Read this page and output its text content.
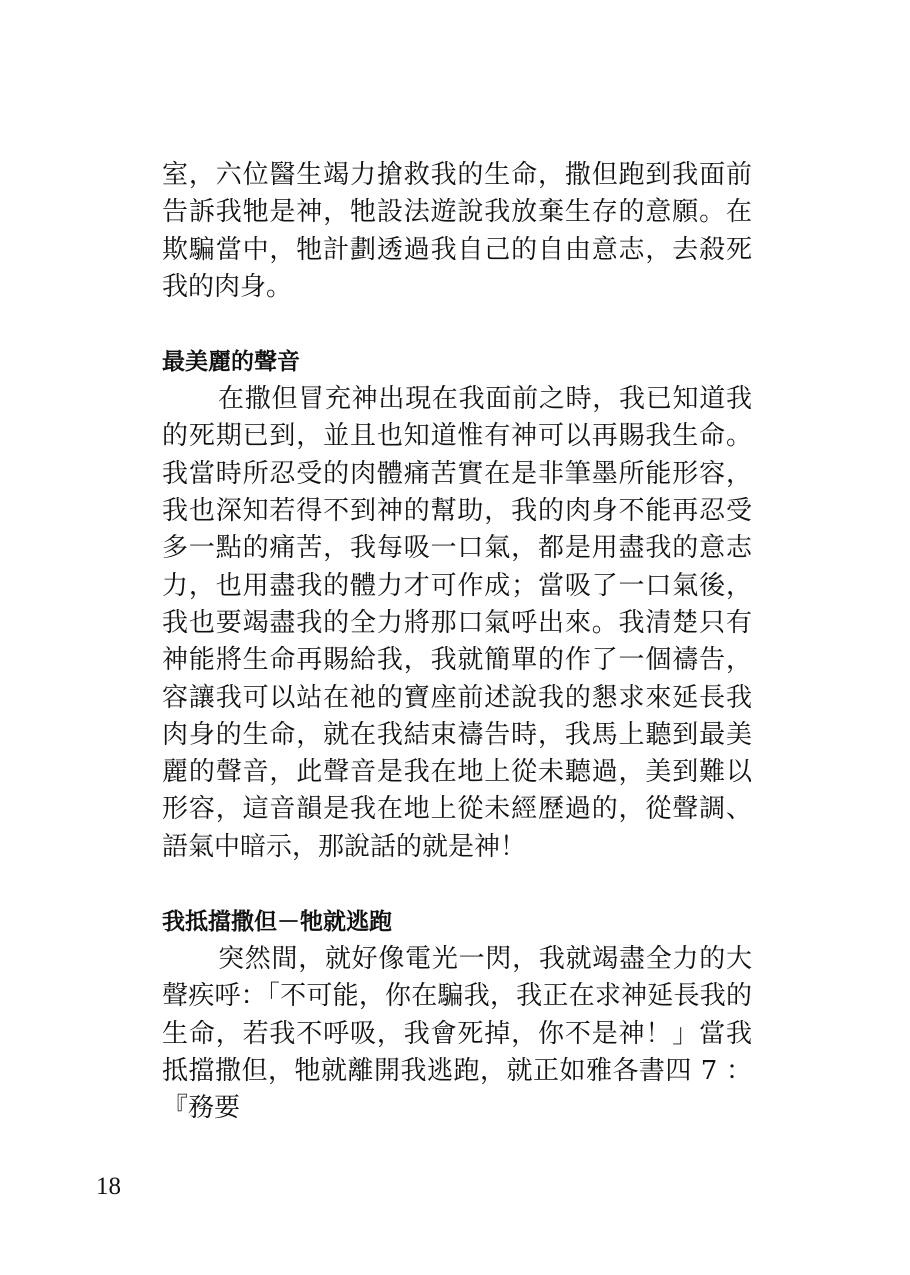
室，六位醫生竭力搶救我的生命，撒但跑到我面前告訴我牠是神，牠設法遊說我放棄生存的意願。在欺騙當中，牠計劃透過我自己的自由意志，去殺死我的肉身。

最美麗的聲音

在撒但冒充神出現在我面前之時，我已知道我的死期已到，並且也知道惟有神可以再賜我生命。我當時所忍受的肉體痛苦實在是非筆墨所能形容，我也深知若得不到神的幫助，我的肉身不能再忍受多一點的痛苦，我每吸一口氣，都是用盡我的意志力，也用盡我的體力才可作成；當吸了一口氣後，我也要竭盡我的全力將那口氣呼出來。我清楚只有神能將生命再賜給我，我就簡單的作了一個禱告，容讓我可以站在祂的寶座前述說我的懇求來延長我肉身的生命，就在我結束禱告時，我馬上聽到最美麗的聲音，此聲音是我在地上從未聽過，美到難以形容，這音韻是我在地上從未經歷過的，從聲調、語氣中暗示，那說話的就是神！

我抵擋撒但－牠就逃跑

突然間，就好像電光一閃，我就竭盡全力的大聲疾呼：「不可能，你在騙我，我正在求神延長我的生命，若我不呼吸，我會死掉，你不是神！」當我抵擋撒但，牠就離開我逃跑，就正如雅各書四 7 ：『務要

18
